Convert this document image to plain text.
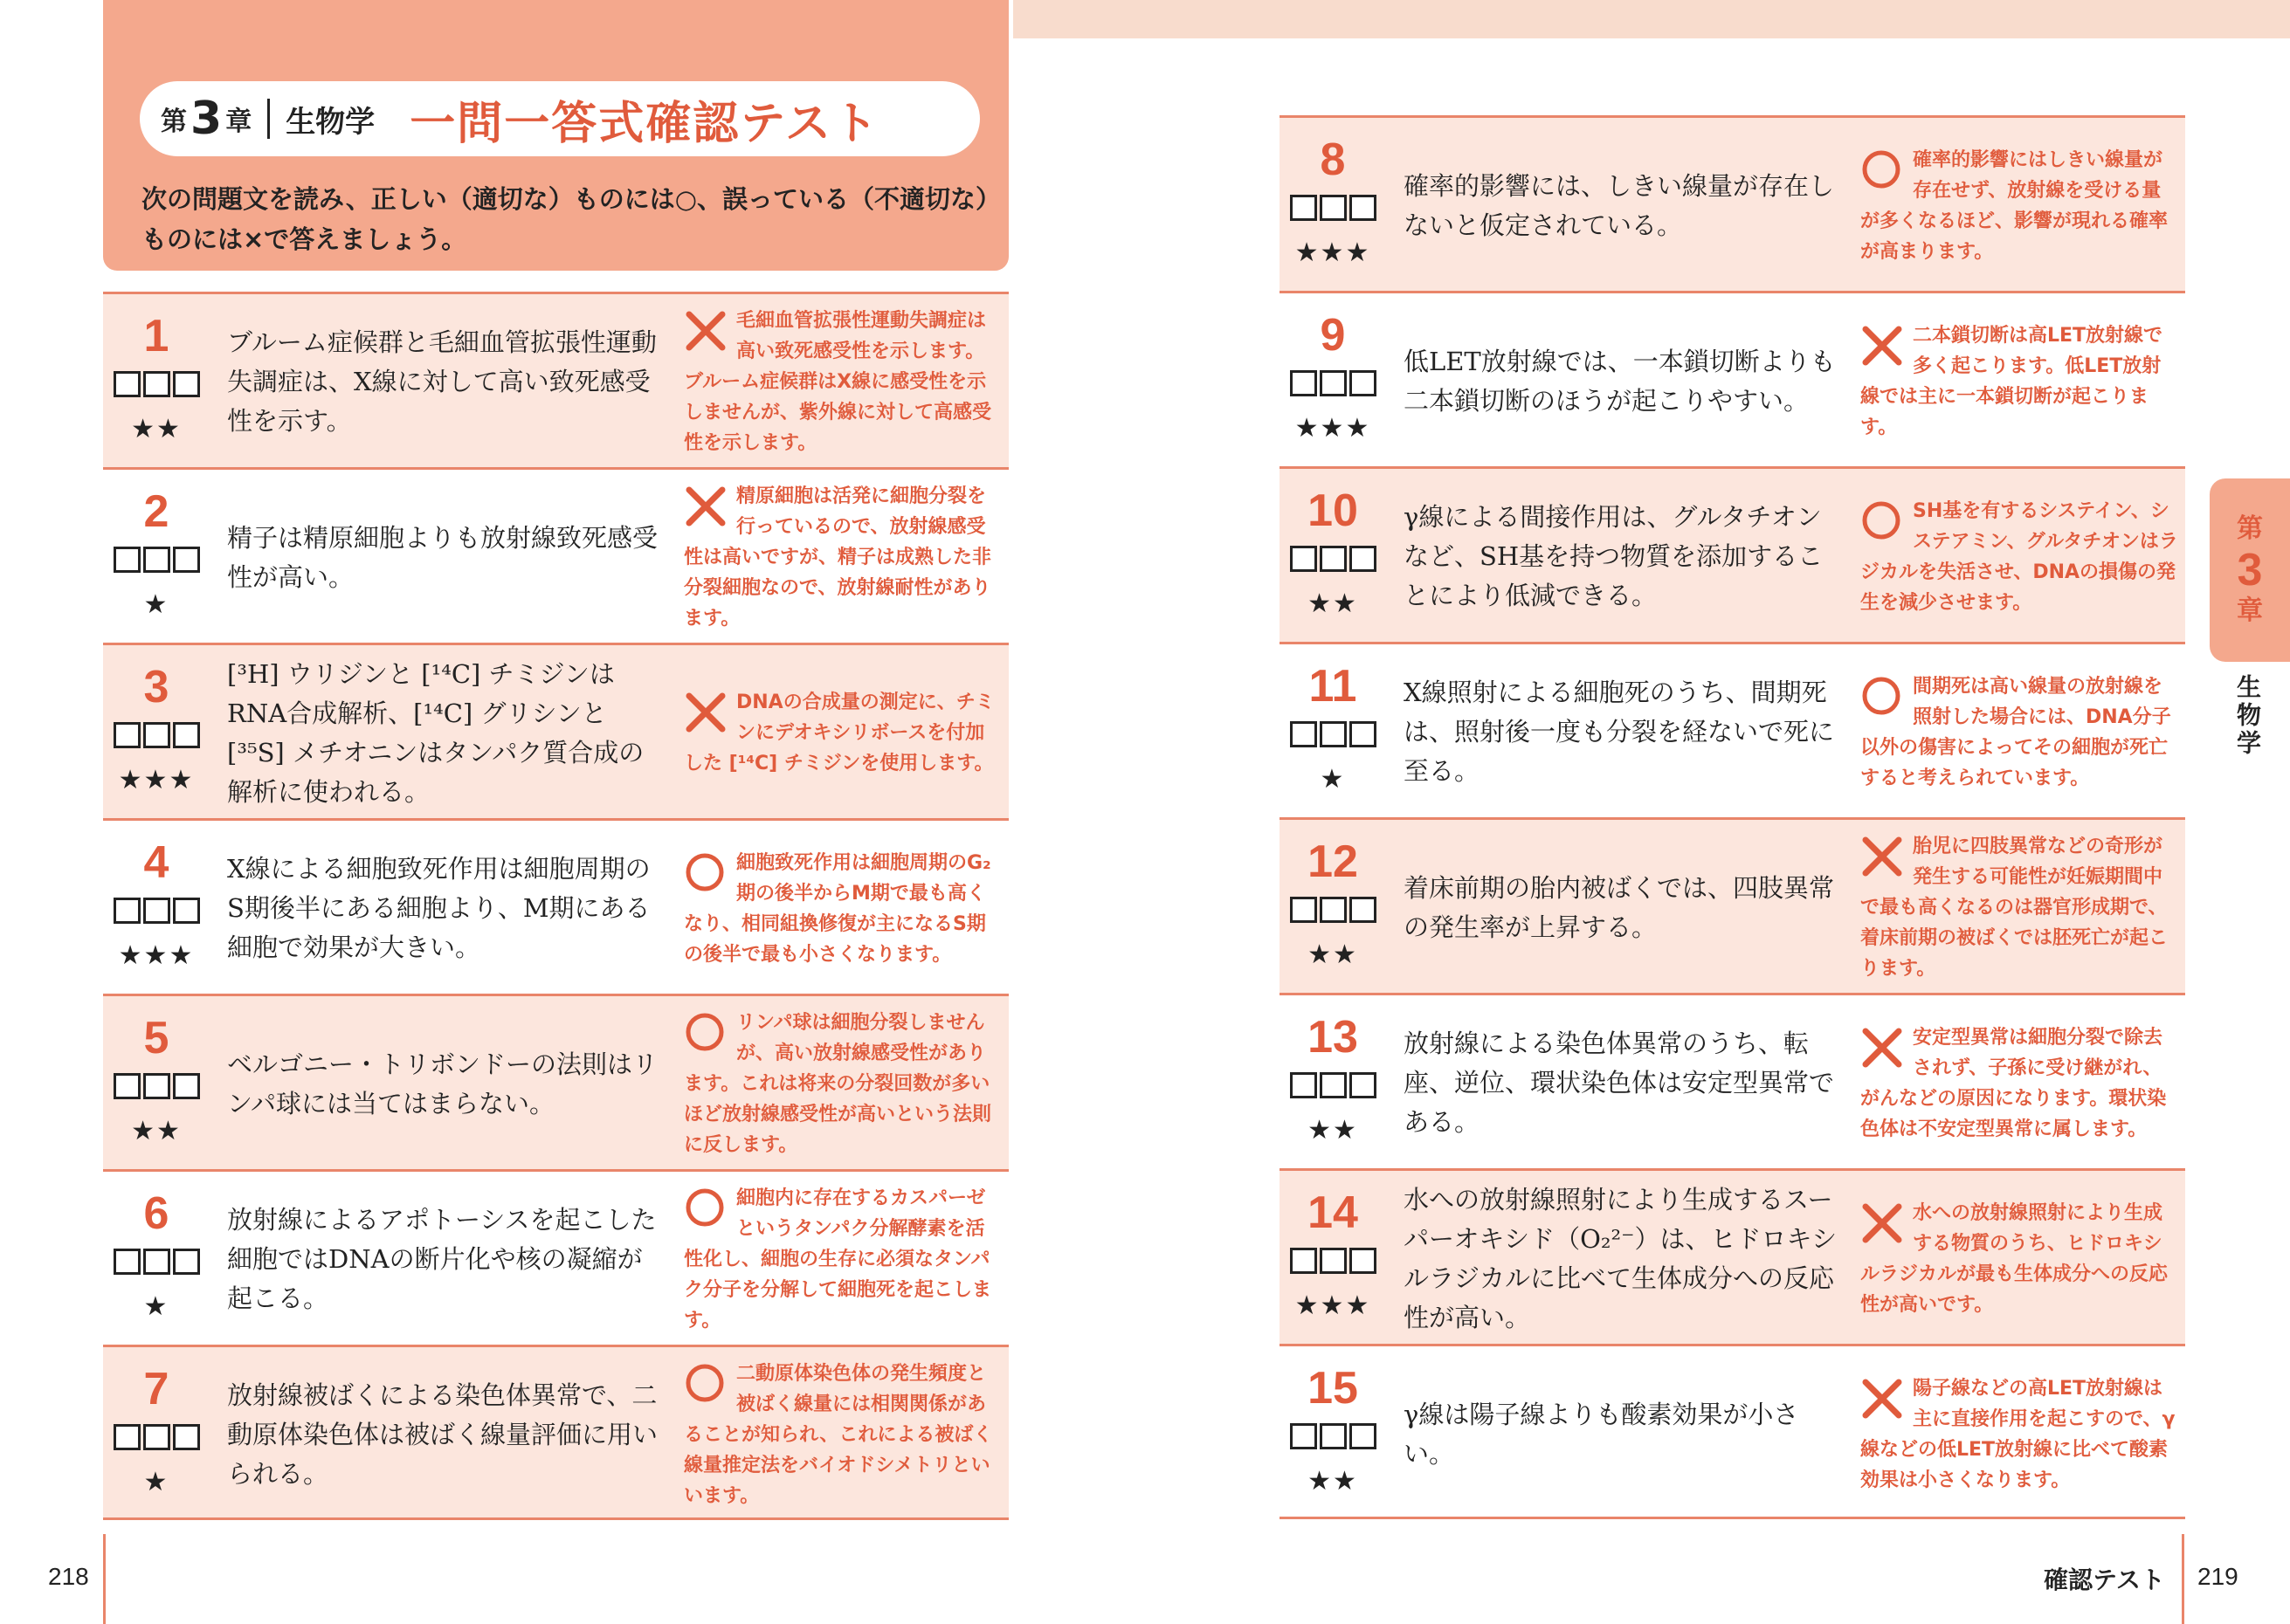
第 3 章 生物学 一問一答式確認テスト
次の問題文を読み、正しい（適切な）ものには○、誤っている（不適切な）ものには×で答えましょう。
1
★★
ブルーム症候群と毛細血管拡張性運動失調症は、X線に対して高い致死感受性を示す。
毛細血管拡張性運動失調症は高い致死感受性を示します。ブルーム症候群はX線に感受性を示しませんが、紫外線に対して高感受性を示します。
2
★
精子は精原細胞よりも放射線致死感受性が高い。
精原細胞は活発に細胞分裂を行っているので、放射線感受性は高いですが、精子は成熟した非分裂細胞なので、放射線耐性があります。
3
★★★
[³H] ウリジンと [¹⁴C] チミジンはRNA合成解析、[¹⁴C] グリシンと [³⁵S] メチオニンはタンパク質合成の解析に使われる。
DNAの合成量の測定に、チミンにデオキシリボースを付加した [¹⁴C] チミジンを使用します。
4
★★★
X線による細胞致死作用は細胞周期のS期後半にある細胞より、M期にある細胞で効果が大きい。
細胞致死作用は細胞周期のG₂期の後半からM期で最も高くなり、相同組換修復が主になるS期の後半で最も小さくなります。
5
★★
ベルゴニー・トリボンドーの法則はリンパ球には当てはまらない。
リンパ球は細胞分裂しませんが、高い放射線感受性があります。これは将来の分裂回数が多いほど放射線感受性が高いという法則に反します。
6
★
放射線によるアポトーシスを起こした細胞ではDNAの断片化や核の凝縮が起こる。
細胞内に存在するカスパーゼというタンパク分解酵素を活性化し、細胞の生存に必須なタンパク分子を分解して細胞死を起こします。
7
★
放射線被ばくによる染色体異常で、二動原体染色体は被ばく線量評価に用いられる。
二動原体染色体の発生頻度と被ばく線量には相関関係があることが知られ、これによる被ばく線量推定法をバイオドシメトリといいます。
8
★★★
確率的影響には、しきい線量が存在しないと仮定されている。
確率的影響にはしきい線量が存在せず、放射線を受ける量が多くなるほど、影響が現れる確率が高まります。
9
★★★
低LET放射線では、一本鎖切断よりも二本鎖切断のほうが起こりやすい。
二本鎖切断は高LET放射線で多く起こります。低LET放射線では主に一本鎖切断が起こります。
10
★★
γ線による間接作用は、グルタチオンなど、SH基を持つ物質を添加することにより低減できる。
SH基を有するシステイン、システアミン、グルタチオンはラジカルを失活させ、DNAの損傷の発生を減少させます。
11
★
X線照射による細胞死のうち、間期死は、照射後一度も分裂を経ないで死に至る。
間期死は高い線量の放射線を照射した場合には、DNA分子以外の傷害によってその細胞が死亡すると考えられています。
12
★★
着床前期の胎内被ばくでは、四肢異常の発生率が上昇する。
胎児に四肢異常などの奇形が発生する可能性が妊娠期間中で最も高くなるのは器官形成期で、着床前期の被ばくでは胚死亡が起こります。
13
★★
放射線による染色体異常のうち、転座、逆位、環状染色体は安定型異常である。
安定型異常は細胞分裂で除去されず、子孫に受け継がれ、がんなどの原因になります。環状染色体は不安定型異常に属します。
14
★★★
水への放射線照射により生成するスーパーオキシド（O₂²⁻）は、ヒドロキシルラジカルに比べて生体成分への反応性が高い。
水への放射線照射により生成する物質のうち、ヒドロキシルラジカルが最も生体成分への反応性が高いです。
15
★★
γ線は陽子線よりも酸素効果が小さい。
陽子線などの高LET放射線は主に直接作用を起こすので、γ線などの低LET放射線に比べて酸素効果は小さくなります。
218	確認テスト 219
第
3
章
生物学
